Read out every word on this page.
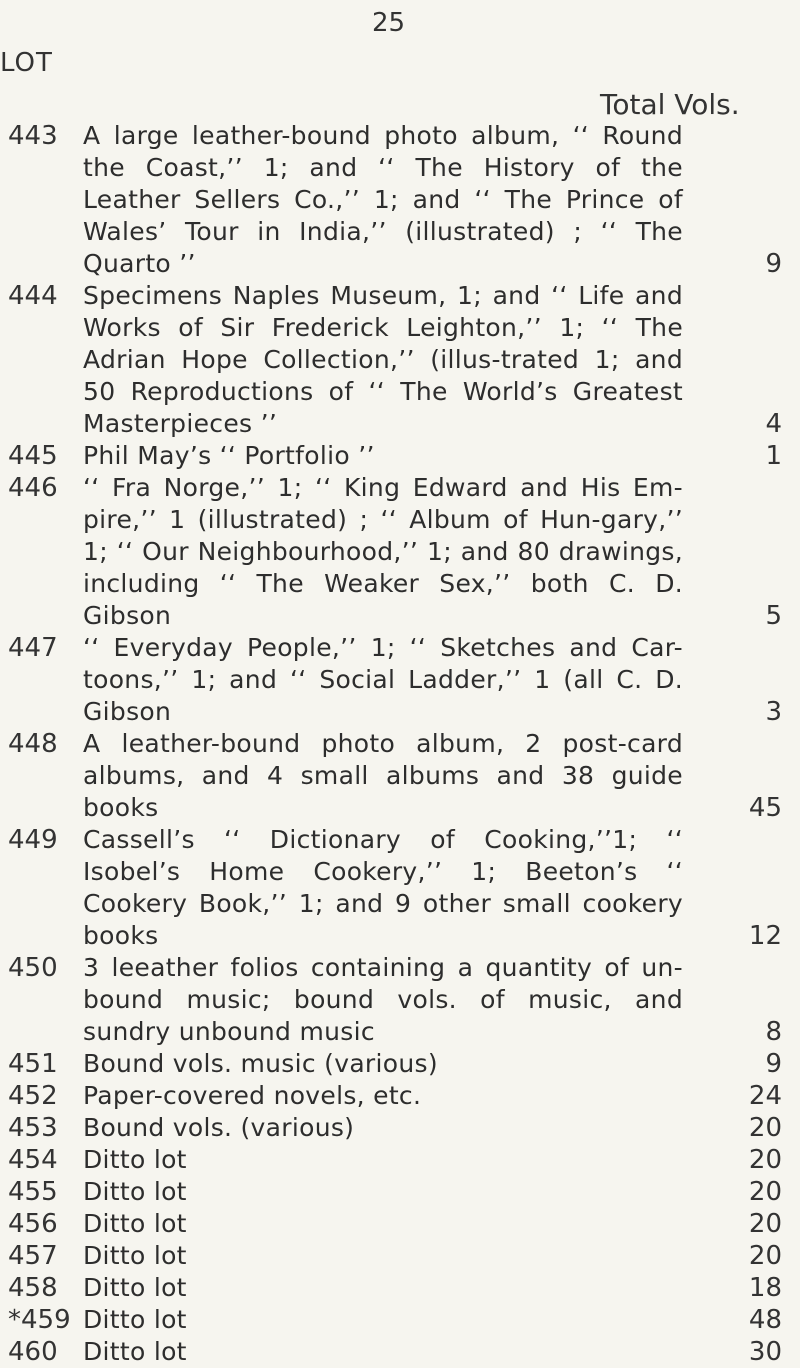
25
LOT
Total Vols.
443 A large leather-bound photo album, ‘‘ Round the Coast,’’ 1; and ‘‘ The History of the Leather Sellers Co.,’’ 1; and ‘‘ The Prince of Wales’ Tour in India,’’ (illustrated) ; ‘‘ The Quarto ’’	9
444 Specimens Naples Museum, 1; and ‘‘ Life and Works of Sir Frederick Leighton,’’ 1; ‘‘ The Adrian Hope Collection,’’ (illus-trated 1; and 50 Reproductions of ‘‘ The World’s Greatest Masterpieces ’’	4
445 Phil May’s ‘‘ Portfolio ’’	1
446 ‘‘ Fra Norge,’’ 1; ‘‘ King Edward and His Em-pire,’’ 1 (illustrated) ; ‘‘ Album of Hun-gary,’’ 1; ‘‘ Our Neighbourhood,’’ 1; and 80 drawings, including ‘‘ The Weaker Sex,’’ both C. D. Gibson	5
447 ‘‘ Everyday People,’’ 1; ‘‘ Sketches and Car-toons,’’ 1; and ‘‘ Social Ladder,’’ 1 (all C. D. Gibson	3
448 A leather-bound photo album, 2 post-card albums, and 4 small albums and 38 guide books	45
449 Cassell’s ‘‘ Dictionary of Cooking,’’1; ‘‘ Isobel’s Home Cookery,’’ 1; Beeton’s ‘‘ Cookery Book,’’ 1; and 9 other small cookery books	12
450 3 leeather folios containing a quantity of un-bound music; bound vols. of music, and sundry unbound music	8
451 Bound vols. music (various)	9
452 Paper-covered novels, etc.	24
453 Bound vols. (various)	20
454 Ditto lot	20
455 Ditto lot	20
456 Ditto lot	20
457 Ditto lot	20
458 Ditto lot	18
*459 Ditto lot	48
460 Ditto lot	30
